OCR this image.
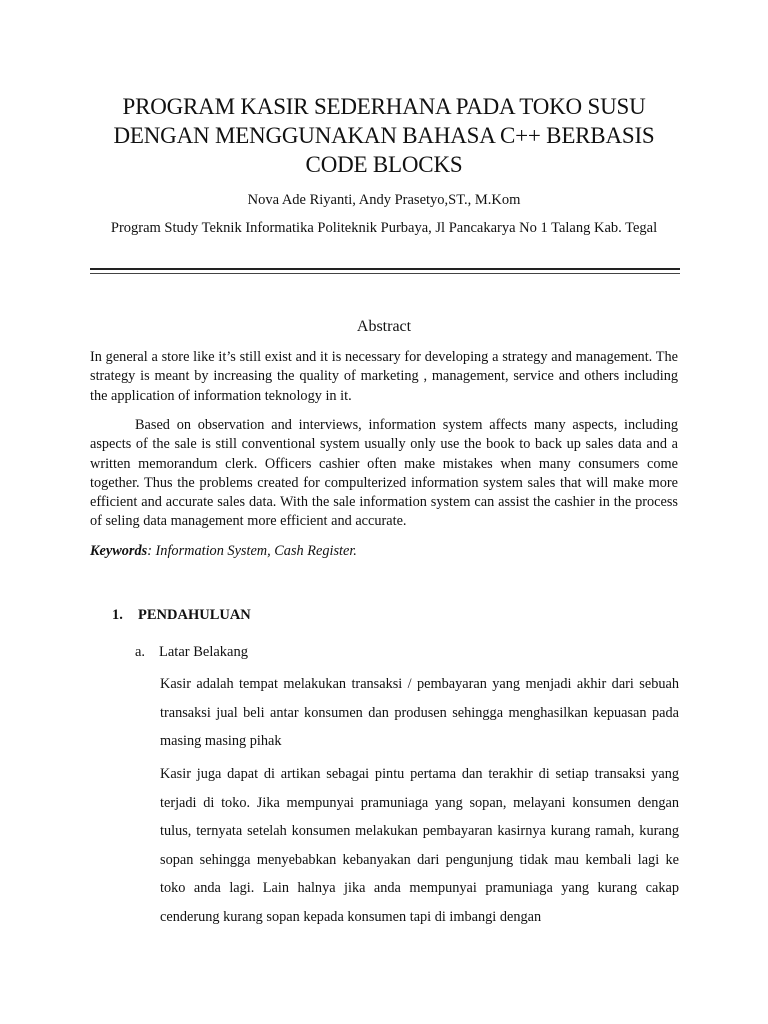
PROGRAM KASIR SEDERHANA PADA TOKO SUSU
DENGAN MENGGUNAKAN BAHASA C++ BERBASIS
CODE BLOCKS
Nova Ade Riyanti, Andy Prasetyo,ST., M.Kom
Program Study Teknik Informatika Politeknik Purbaya, Jl Pancakarya No 1 Talang Kab. Tegal
Abstract
In general a store like it’s still exist and it is necessary for developing a strategy and management. The strategy is meant by increasing the quality of marketing , management, service and others including the application of information teknology in it.
Based on observation and interviews, information system affects many aspects, including aspects of the sale is still conventional system usually only use the book to back up sales data and a written memorandum clerk. Officers cashier often make mistakes when many consumers come together. Thus the problems created for compulterized information system sales that will make more efficient and accurate sales data. With the sale information system can assist the cashier in the process of seling data management more efficient and accurate.
Keywords: Information System, Cash Register.
1. PENDAHULUAN
a. Latar Belakang
Kasir adalah tempat melakukan transaksi / pembayaran yang menjadi akhir dari sebuah transaksi jual beli antar konsumen dan produsen sehingga menghasilkan kepuasan pada masing masing pihak
Kasir juga dapat di artikan sebagai pintu pertama dan terakhir di setiap transaksi yang terjadi di toko. Jika mempunyai pramuniaga yang sopan, melayani konsumen dengan tulus, ternyata setelah konsumen melakukan pembayaran kasirnya kurang ramah, kurang sopan sehingga menyebabkan kebanyakan dari pengunjung tidak mau kembali lagi ke toko anda lagi. Lain halnya jika anda mempunyai pramuniaga yang kurang cakap cenderung kurang sopan kepada konsumen tapi di imbangi dengan
